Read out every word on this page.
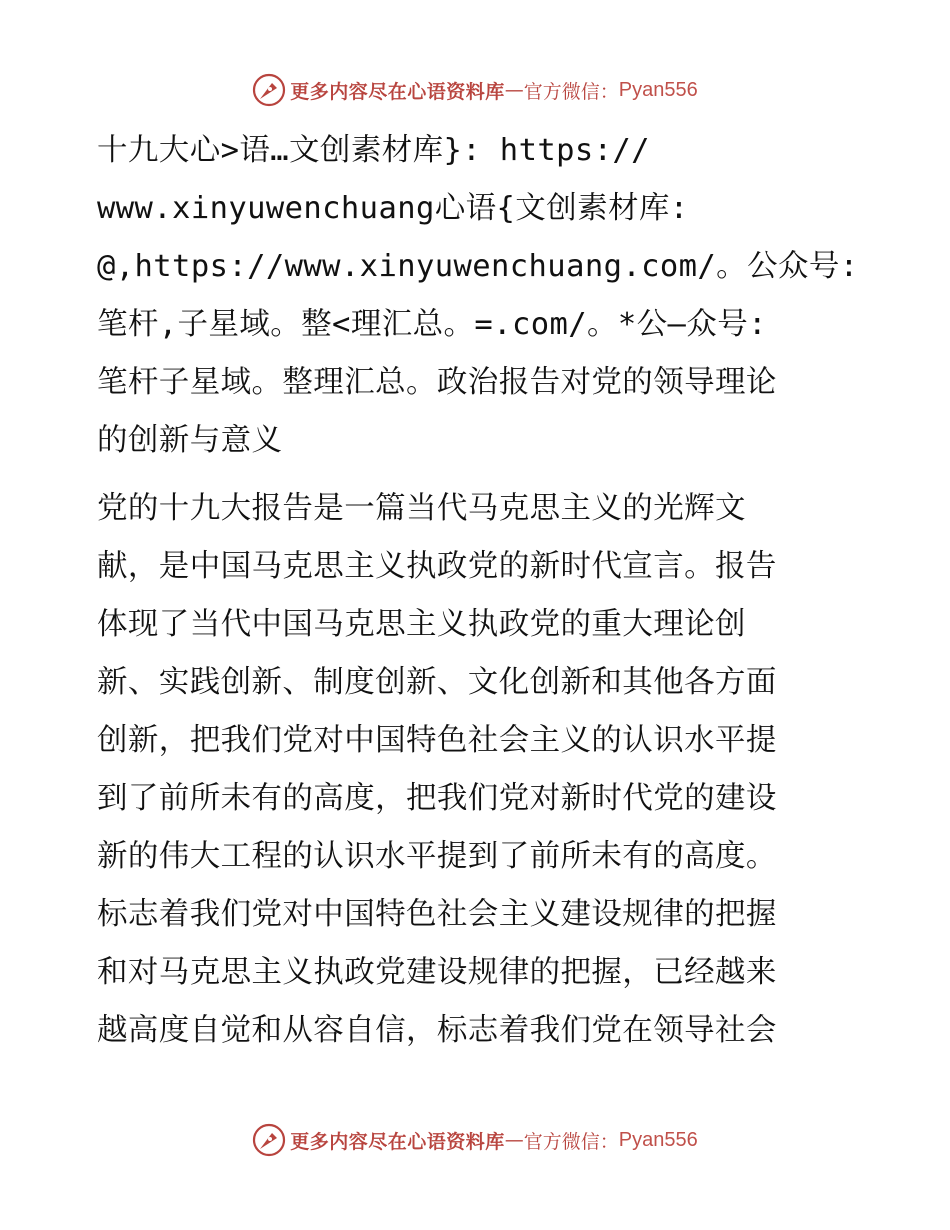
更多内容尽在心语资料库 — 官方微信： Pyan556

十九大心>语…文创素材库}: https://
www.xinyuwenchuang心语{文创素材库:
@,https://www.xinyuwenchuang.com/。公众号:
笔杆,子星域。整<理汇总。=.com/。*公—众号:
笔杆子星域。整理汇总。政治报告对党的领导理论
的创新与意义

党的十九大报告是一篇当代马克思主义的光辉文
献，是中国马克思主义执政党的新时代宣言。报告
体现了当代中国马克思主义执政党的重大理论创
新、实践创新、制度创新、文化创新和其他各方面
创新，把我们党对中国特色社会主义的认识水平提
到了前所未有的高度，把我们党对新时代党的建设
新的伟大工程的认识水平提到了前所未有的高度。
标志着我们党对中国特色社会主义建设规律的把握
和对马克思主义执政党建设规律的把握，已经越来
越高度自觉和从容自信，标志着我们党在领导社会

更多内容尽在心语资料库 — 官方微信： Pyan556
